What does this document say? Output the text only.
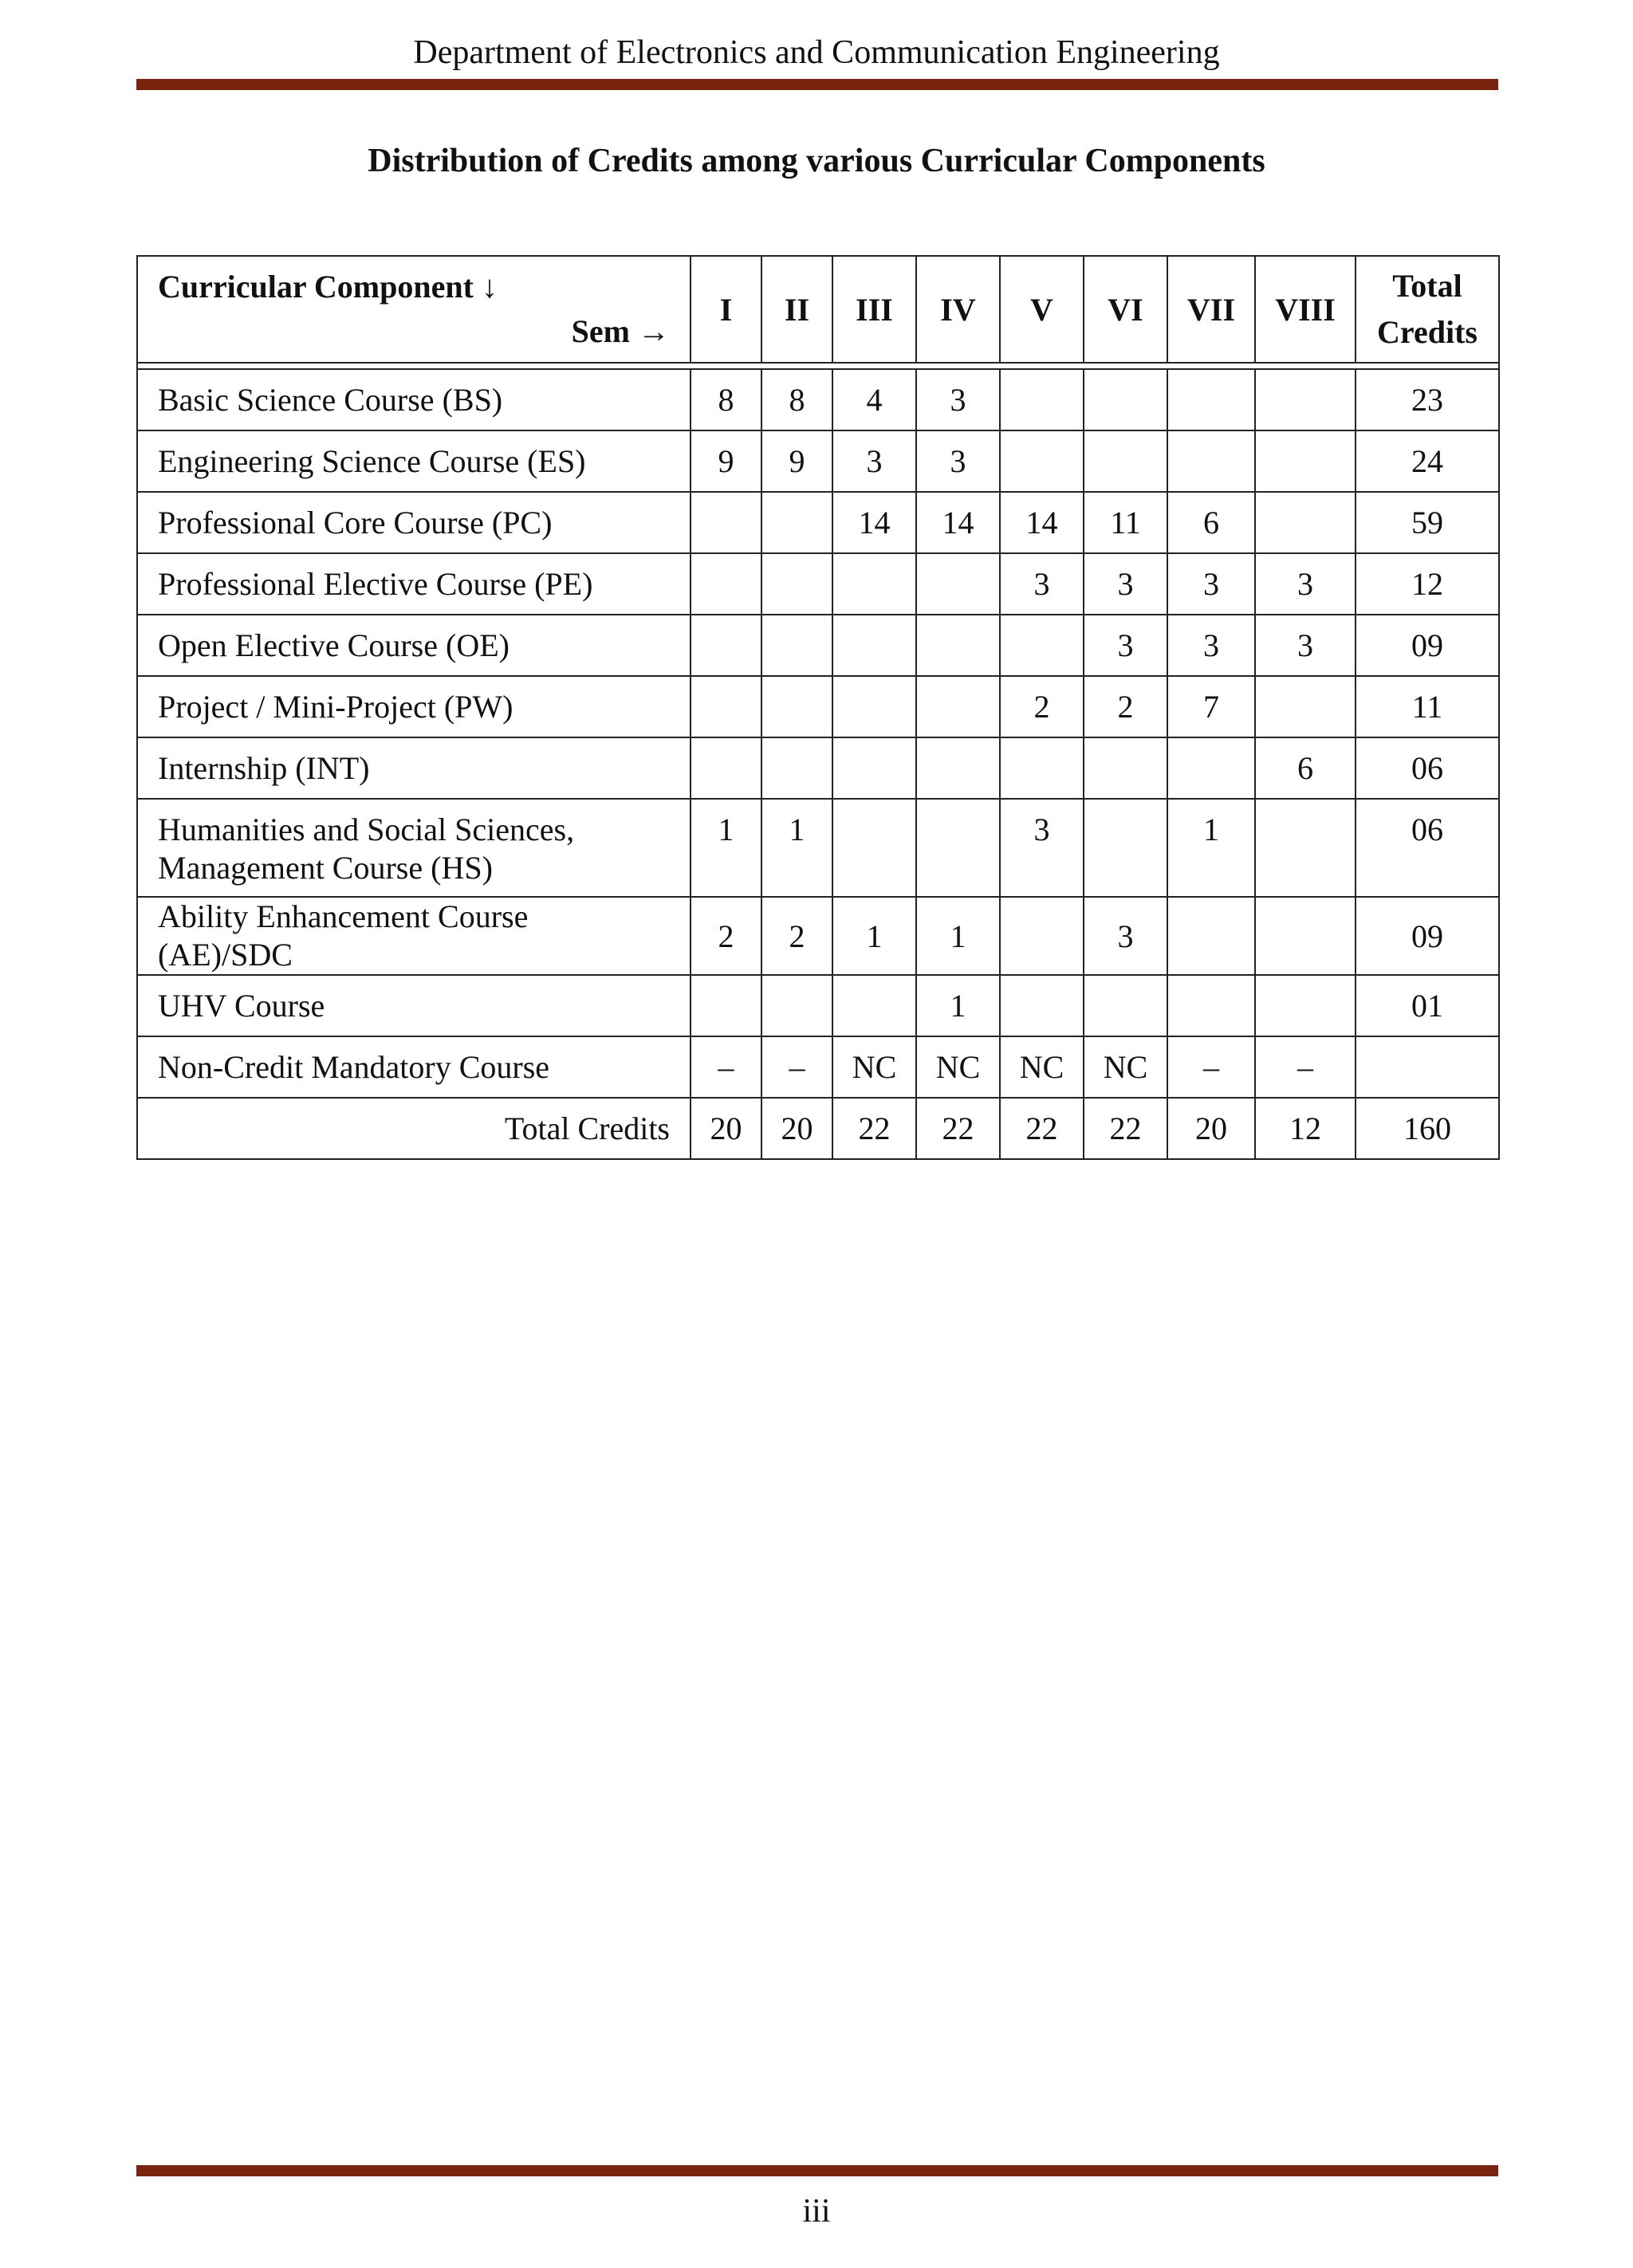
Department of Electronics and Communication Engineering
Distribution of Credits among various Curricular Components
Curricular Component ↓
Sem →	I	II	III	IV	V	VI	VII	VIII	Total
Credits

Basic Science Course (BS)	8	8	4	3					23
Engineering Science Course (ES)	9	9	3	3					24
Professional Core Course (PC)			14	14	14	11	6		59
Professional Elective Course (PE)					3	3	3	3	12
Open Elective Course (OE)						3	3	3	09
Project / Mini-Project (PW)					2	2	7		11
Internship (INT)								6	06

Humanities and Social Sciences,
Management Course (HS)	1	1			3		1		06
Ability Enhancement Course (AE)/SDC	2	2	1	1		3			09
UHV Course				1					01
Non-Credit Mandatory Course	–	–	NC	NC	NC	NC	–	–	
Total Credits	20	20	22	22	22	22	20	12	160
iii
